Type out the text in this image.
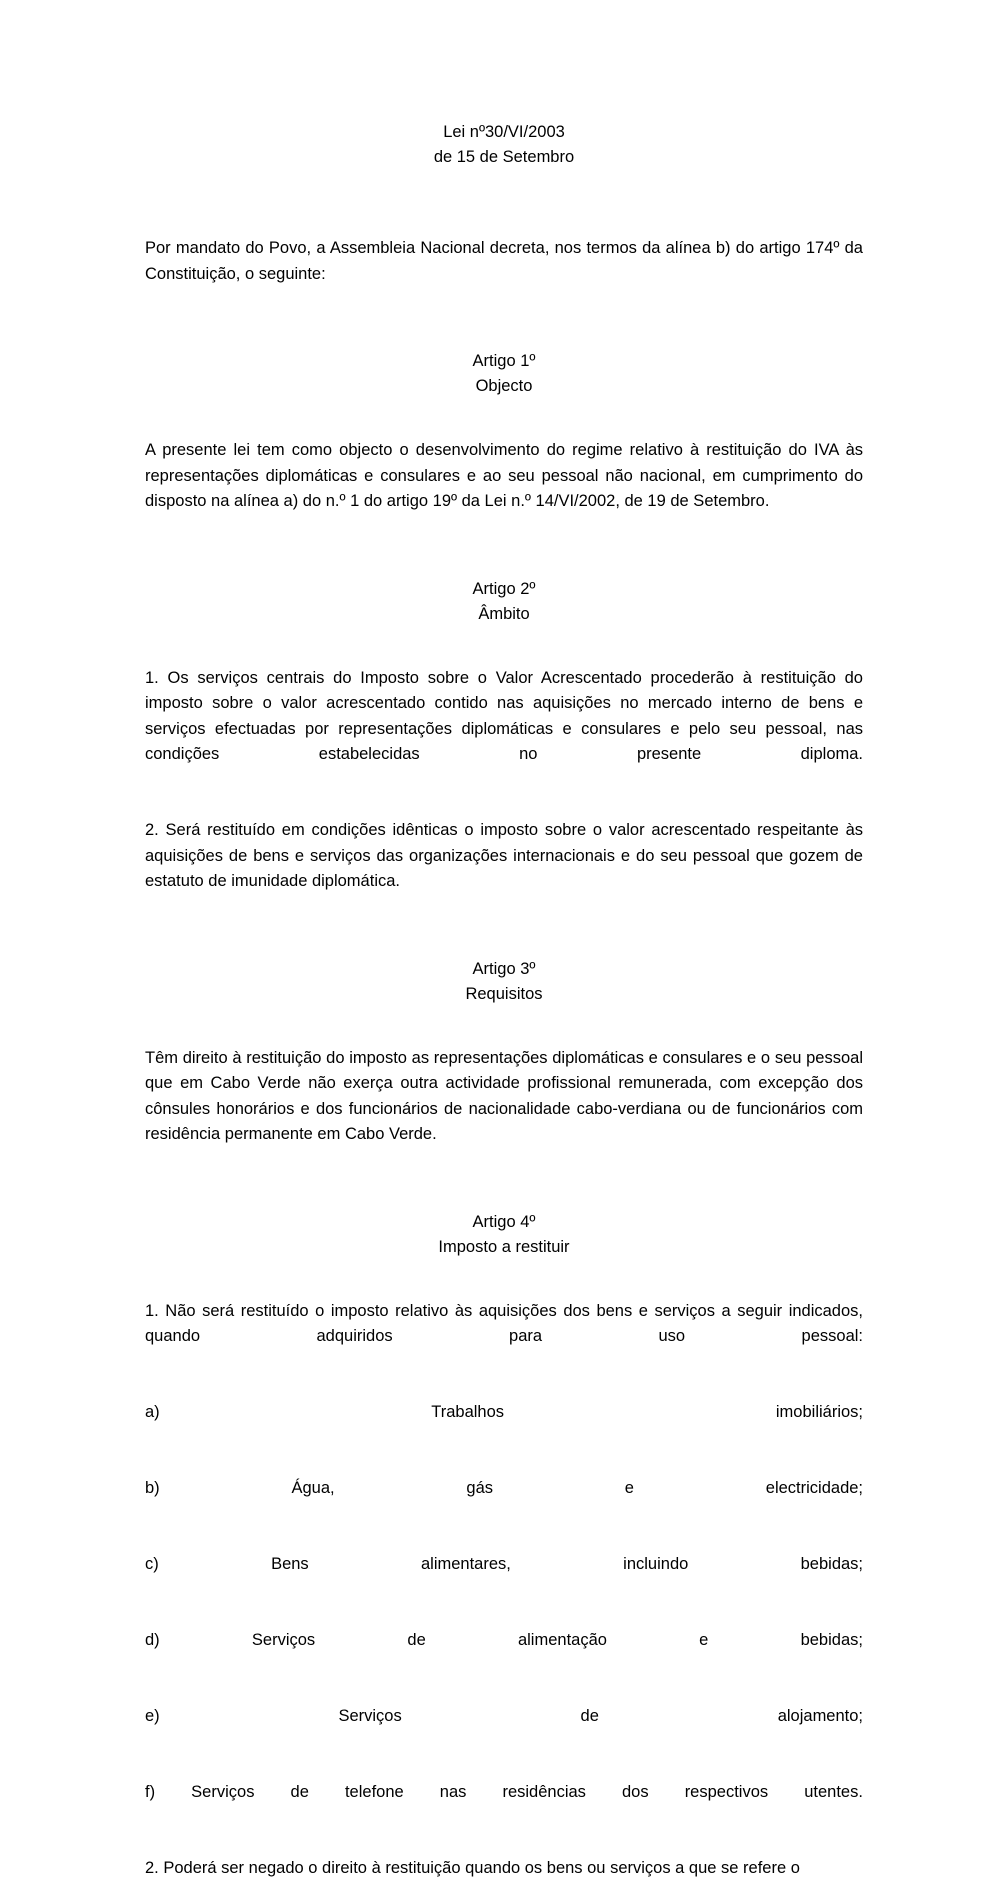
Lei nº30/VI/2003
de 15 de Setembro

Por mandato do Povo, a Assembleia Nacional decreta, nos termos da alínea b) do artigo 174º da Constituição, o seguinte:

Artigo 1º
Objecto

A presente lei tem como objecto o desenvolvimento do regime relativo à restituição do IVA às representações diplomáticas e consulares e ao seu pessoal não nacional, em cumprimento do disposto na alínea a) do n.º 1 do artigo 19º da Lei n.º 14/VI/2002, de 19 de Setembro.

Artigo 2º
Âmbito

1. Os serviços centrais do Imposto sobre o Valor Acrescentado procederão à restituição do imposto sobre o valor acrescentado contido nas aquisições no mercado interno de bens e serviços efectuadas por representações diplomáticas e consulares e pelo seu pessoal, nas condições estabelecidas no presente diploma.

2. Será restituído em condições idênticas o imposto sobre o valor acrescentado respeitante às aquisições de bens e serviços das organizações internacionais e do seu pessoal que gozem de estatuto de imunidade diplomática.

Artigo 3º
Requisitos

Têm direito à restituição do imposto as representações diplomáticas e consulares e o seu pessoal que em Cabo Verde não exerça outra actividade profissional remunerada, com excepção dos cônsules honorários e dos funcionários de nacionalidade cabo-verdiana ou de funcionários com residência permanente em Cabo Verde.

Artigo 4º
Imposto a restituir

1. Não será restituído o imposto relativo às aquisições dos bens e serviços a seguir indicados, quando adquiridos para uso pessoal:

a)	Trabalhos	imobiliários;

b)	Água,	gás	e	electricidade;

c)	Bens	alimentares,	incluindo	bebidas;

d)	Serviços	de	alimentação	e	bebidas;

e)	Serviços	de	alojamento;

f) Serviços de telefone nas residências dos respectivos utentes.

2. Poderá ser negado o direito à restituição quando os bens ou serviços a que se refere o
